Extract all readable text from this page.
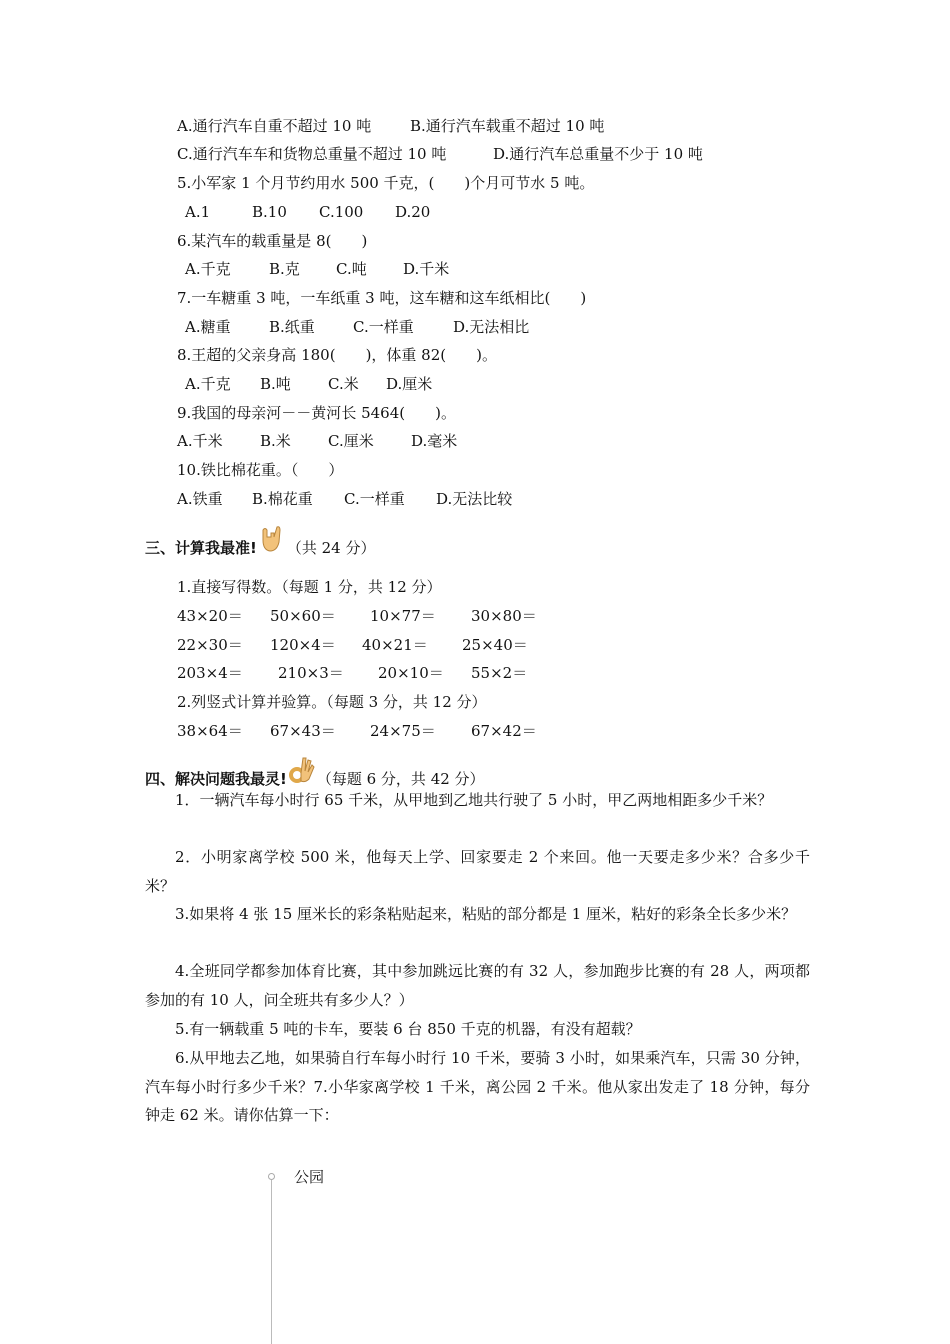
A.通行汽车自重不超过 10 吨	B.通行汽车载重不超过 10 吨
C.通行汽车车和货物总重量不超过 10 吨	D.通行汽车总重量不少于 10 吨
5.小军家 1 个月节约用水 500 千克，(　　)个月可节水 5 吨。
A.1	B.10 C.100 D.20
6.某汽车的载重量是 8(　　)
A.千克	B.克 C.吨 D.千米
7.一车糖重 3 吨，一车纸重 3 吨，这车糖和这车纸相比(　　)
A.糖重	B.纸重	C.一样重	D.无法相比
8.王超的父亲身高 180(　　)，体重 82(　　)。
A.千克 B.吨 C.米 D.厘米
9.我国的母亲河－－黄河长 5464(　　)。
A.千米 B.米 C.厘米 D.毫米
10.铁比棉花重。（　　）
A.铁重 B.棉花重 C.一样重 D.无法比较
三、计算我最准! （共 24 分）
1.直接写得数。（每题 1 分，共 12 分）
43×20＝ 50×60＝ 10×77＝ 30×80＝
22×30＝ 120×4＝ 40×21＝ 25×40＝
203×4＝ 210×3＝ 20×10＝ 55×2＝
2.列竖式计算并验算。（每题 3 分，共 12 分）
38×64＝ 67×43＝ 24×75＝ 67×42＝
四、解决问题我最灵! （每题 6 分，共 42 分）
1．一辆汽车每小时行 65 千米，从甲地到乙地共行驶了 5 小时，甲乙两地相距多少千米？
2．小明家离学校 500 米，他每天上学、回家要走 2 个来回。他一天要走多少米？合多少千米？
3.如果将 4 张 15 厘米长的彩条粘贴起来，粘贴的部分都是 1 厘米，粘好的彩条全长多少米？
4.全班同学都参加体育比赛，其中参加跳远比赛的有 32 人，参加跑步比赛的有 28 人，两项都参加的有 10 人，问全班共有多少人？）
5.有一辆载重 5 吨的卡车，要装 6 台 850 千克的机器，有没有超载？
6.从甲地去乙地，如果骑自行车每小时行 10 千米，要骑 3 小时，如果乘汽车，只需 30 分钟，汽车每小时行多少千米？7.小华家离学校 1 千米，离公园 2 千米。他从家出发走了 18 分钟，每分钟走 62 米。请你估算一下：
公园
